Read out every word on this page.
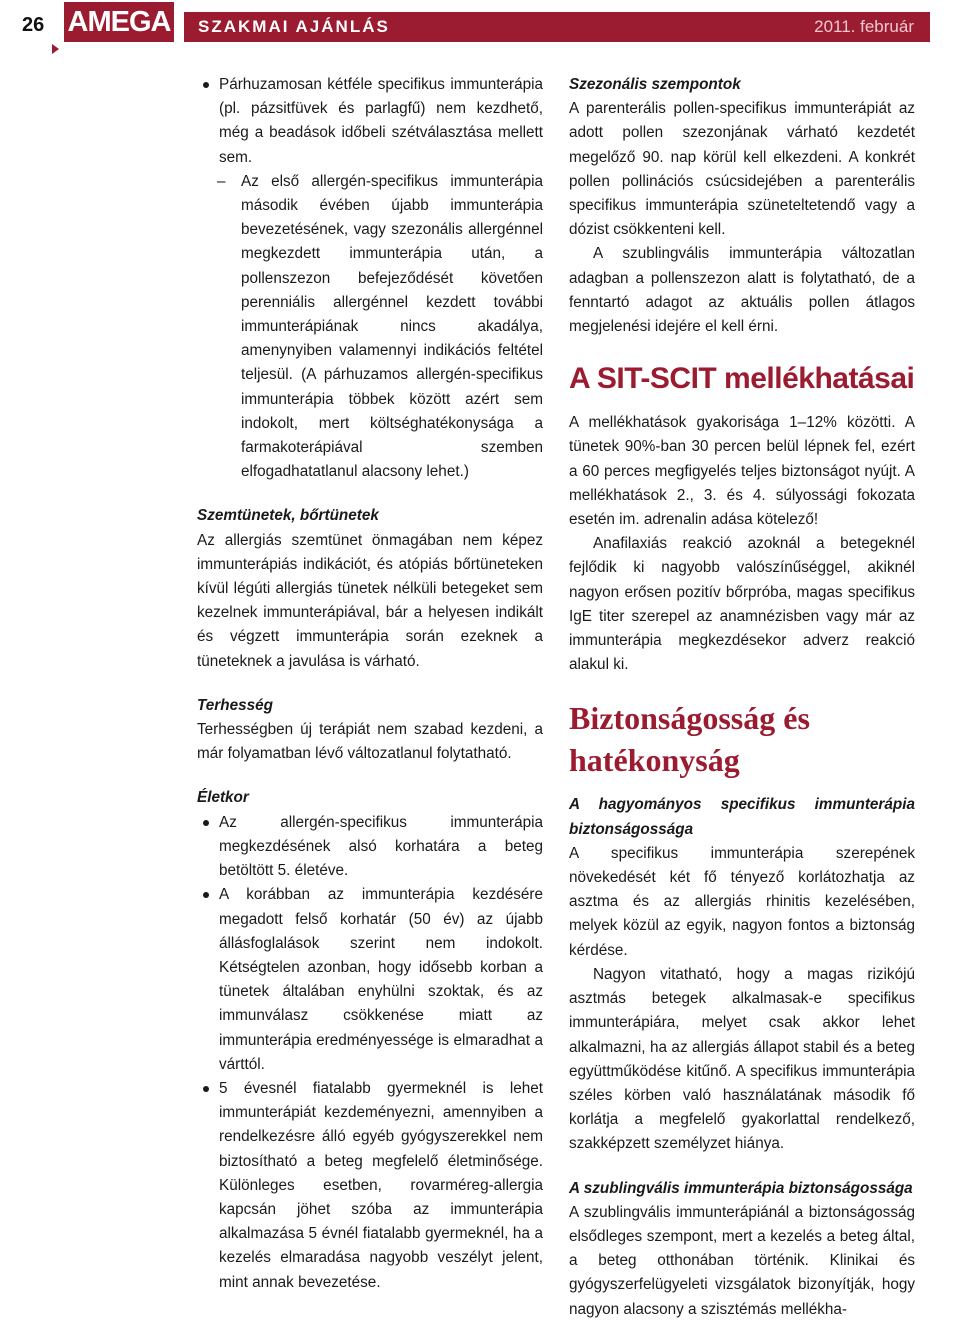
26 AMEGA SZAKMAI AJÁNLÁS	2011. február
Párhuzamosan kétféle specifikus immunterápia (pl. pázsitfüvek és parlagfű) nem kezdhető, még a beadások időbeli szétválasztása mellett sem.
– Az első allergén-specifikus immunterápia második évében újabb immunterápia bevezetésének, vagy szezonális allergénnel megkezdett immunterápia után, a pollenszezon befejeződését követően perenniális allergénnel kezdett további immunterápiának nincs akadálya, amenynyiben valamennyi indikációs feltétel teljesül. (A párhuzamos allergén-specifikus immunterápia többek között azért sem indokolt, mert költséghatékonysága a farmakoterápiával szemben elfogadhatatlanul alacsony lehet.)

Szemtünetek, bőrtünetek

Az allergiás szemtünet önmagában nem képez immunterápiás indikációt, és atópiás bőrtüneteken kívül légúti allergiás tünetek nélküli betegeket sem kezelnek immunterápiával, bár a helyesen indikált és végzett immunterápia során ezeknek a tüneteknek a javulása is várható.

Terhesség

Terhességben új terápiát nem szabad kezdeni, a már folyamatban lévő változatlanul folytatható.

Életkor

Az allergén-specifikus immunterápia megkezdésének alsó korhatára a beteg betöltött 5. életéve.
A korábban az immunterápia kezdésére megadott felső korhatár (50 év) az újabb állásfoglalások szerint nem indokolt. Kétségtelen azonban, hogy idősebb korban a tünetek általában enyhülni szoktak, és az immunválasz csökkenése miatt az immunterápia eredményessége is elmaradhat a várttól.
5 évesnél fiatalabb gyermeknél is lehet immunterápiát kezdeményezni, amennyiben a rendelkezésre álló egyéb gyógyszerekkel nem biztosítható a beteg megfelelő életminősége. Különleges esetben, rovarméreg-allergia kapcsán jöhet szóba az immunterápia alkalmazása 5 évnél fiatalabb gyermeknél, ha a kezelés elmaradása nagyobb veszélyt jelent, mint annak bevezetése.

Szezonális szempontok

A parenterális pollen-specifikus immunterápiát az adott pollen szezonjának várható kezdetét megelőző 90. nap körül kell elkezdeni. A konkrét pollen pollinációs csúcsidejében a parenterális specifikus immunterápia szüneteltetendő vagy a dózist csökkenteni kell.

A szublingvális immunterápia változatlan adagban a pollenszezon alatt is folytatható, de a fenntartó adagot az aktuális pollen átlagos megjelenési idejére el kell érni.

A SIT-SCIT mellékhatásai

A mellékhatások gyakorisága 1–12% közötti. A tünetek 90%-ban 30 percen belül lépnek fel, ezért a 60 perces megfigyelés teljes biztonságot nyújt. A mellékhatások 2., 3. és 4. súlyossági fokozata esetén im. adrenalin adása kötelező!

Anafilaxiás reakció azoknál a betegeknél fejlődik ki nagyobb valószínűséggel, akiknél nagyon erősen pozitív bőrpróba, magas specifikus IgE titer szerepel az anamnézisben vagy már az immunterápia megkezdésekor adverz reakció alakul ki.

Biztonságosság és hatékonyság

A hagyományos specifikus immunterápia biztonságossága

A specifikus immunterápia szerepének növekedését két fő tényező korlátozhatja az asztma és az allergiás rhinitis kezelésében, melyek közül az egyik, nagyon fontos a biztonság kérdése.

Nagyon vitatható, hogy a magas rizikójú asztmás betegek alkalmasak-e specifikus immunterápiára, melyet csak akkor lehet alkalmazni, ha az allergiás állapot stabil és a beteg együttműködése kitűnő. A specifikus immunterápia széles körben való használatának második fő korlátja a megfelelő gyakorlattal rendelkező, szakképzett személyzet hiánya.

A szublingvális immunterápia biztonságossága

A szublingvális immunterápiánál a biztonságosság elsődleges szempont, mert a kezelés a beteg által, a beteg otthonában történik. Klinikai és gyógyszerfelügyeleti vizsgálatok bizonyítják, hogy nagyon alacsony a szisztémás mellékha-
